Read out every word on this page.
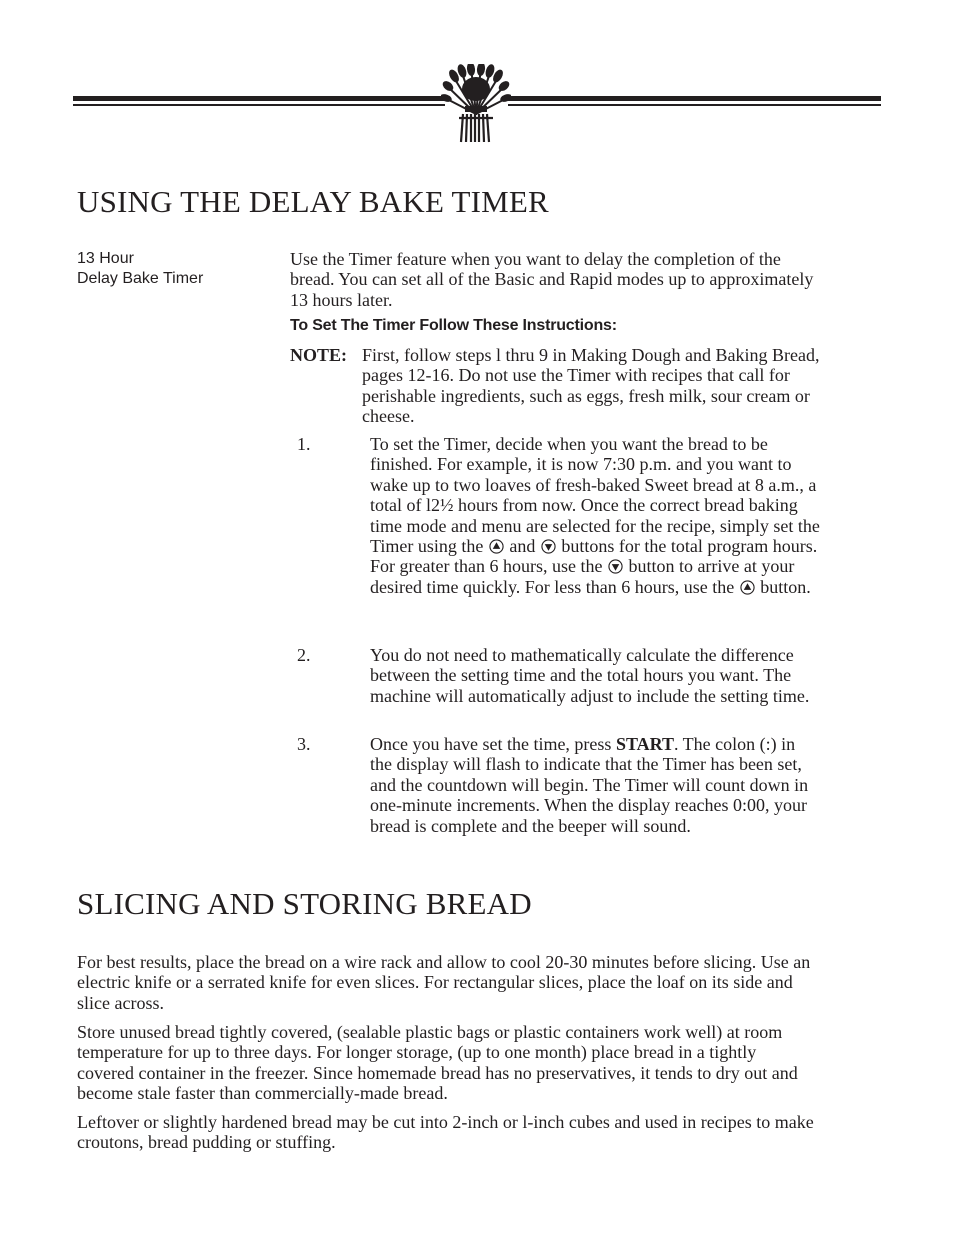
USING THE DELAY BAKE TIMER
13 Hour
Delay Bake Timer
Use the Timer feature when you want to delay the completion of the bread. You can set all of the Basic and Rapid modes up to approximately 13 hours later.
To Set The Timer Follow These Instructions:
NOTE: First, follow steps l thru 9 in Making Dough and Baking Bread, pages 12-16. Do not use the Timer with recipes that call for perishable ingredients, such as eggs, fresh milk, sour cream or cheese.
1.	To set the Timer, decide when you want the bread to be finished. For example, it is now 7:30 p.m. and you want to wake up to two loaves of fresh-baked Sweet bread at 8 a.m., a total of l2½ hours from now. Once the correct bread baking time mode and menu are selected for the recipe, simply set the Timer using the and buttons for the total program hours. For greater than 6 hours, use the button to arrive at your desired time quickly. For less than 6 hours, use the button.
2.	You do not need to mathematically calculate the difference between the setting time and the total hours you want. The machine will automatically adjust to include the setting time.
3.	Once you have set the time, press START. The colon (:) in the display will flash to indicate that the Timer has been set, and the countdown will begin. The Timer will count down in one-minute increments. When the display reaches 0:00, your bread is complete and the beeper will sound.
SLICING AND STORING BREAD
For best results, place the bread on a wire rack and allow to cool 20-30 minutes before slicing. Use an electric knife or a serrated knife for even slices. For rectangular slices, place the loaf on its side and slice across.
Store unused bread tightly covered, (sealable plastic bags or plastic containers work well) at room temperature for up to three days. For longer storage, (up to one month) place bread in a tightly covered container in the freezer. Since homemade bread has no preservatives, it tends to dry out and become stale faster than commercially-made bread.
Leftover or slightly hardened bread may be cut into 2-inch or l-inch cubes and used in recipes to make croutons, bread pudding or stuffing.
